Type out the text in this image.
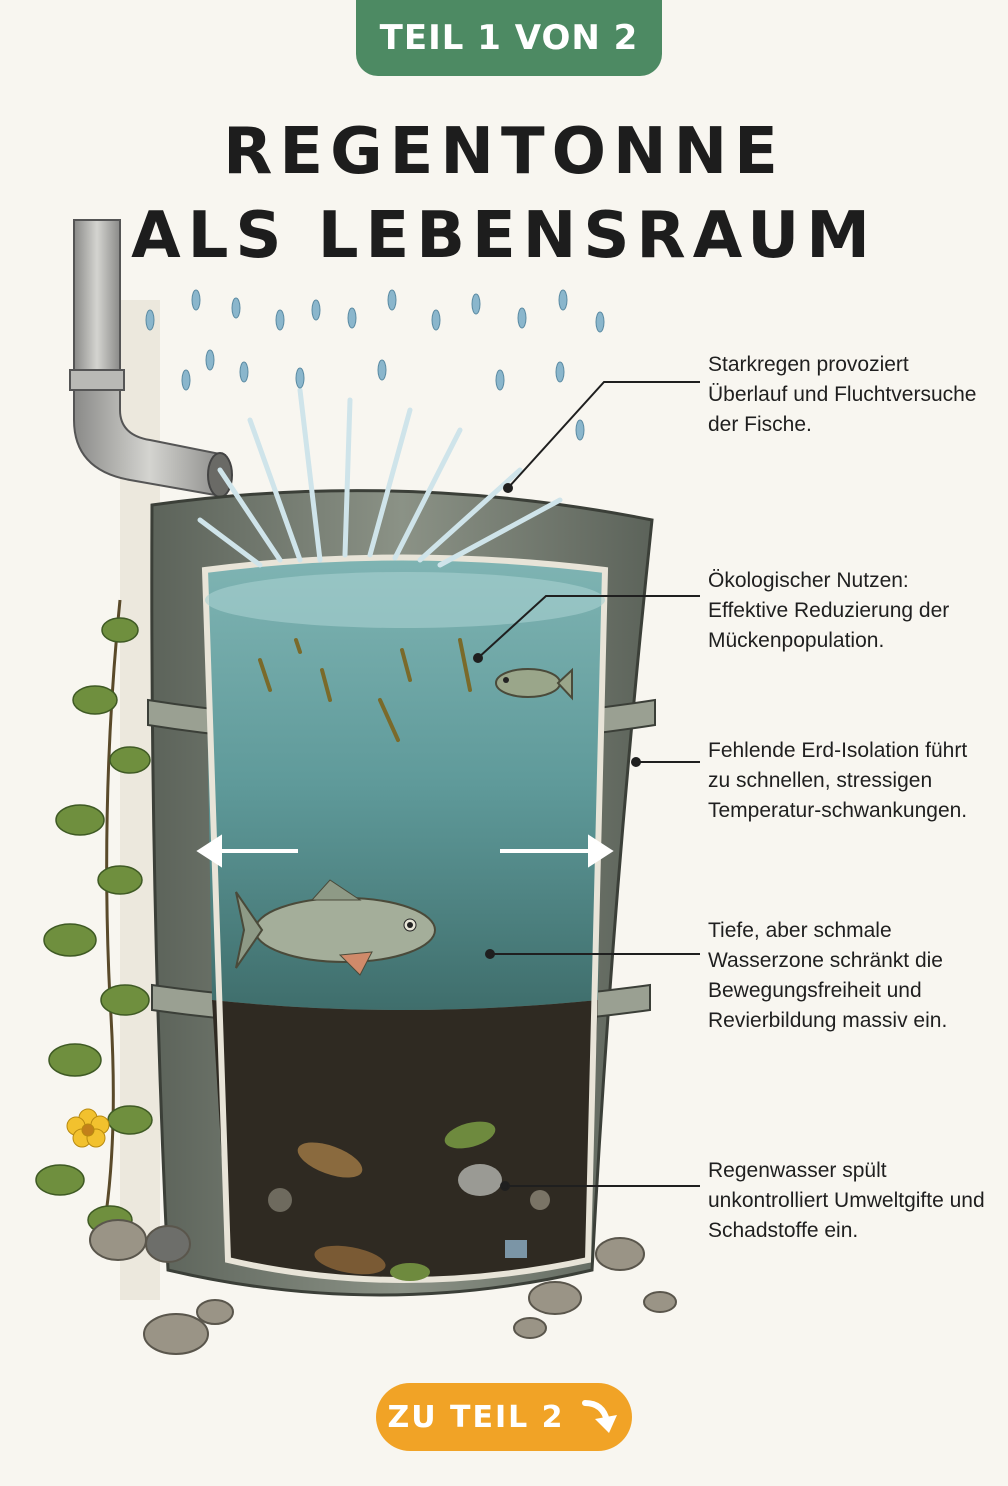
TEIL 1 VON 2
REGENTONNE
ALS LEBENSRAUM
Starkregen provoziert Überlauf und Fluchtversuche der Fische.
Ökologischer Nutzen: Effektive Reduzierung der Mückenpopulation.
Fehlende Erd-Isolation führt zu schnellen, stressigen Temperatur-schwankungen.
Tiefe, aber schmale Wasserzone schränkt die Bewegungsfreiheit und Revierbildung massiv ein.
Regenwasser spült unkontrolliert Umweltgifte und Schadstoffe ein.
ZU TEIL 2
